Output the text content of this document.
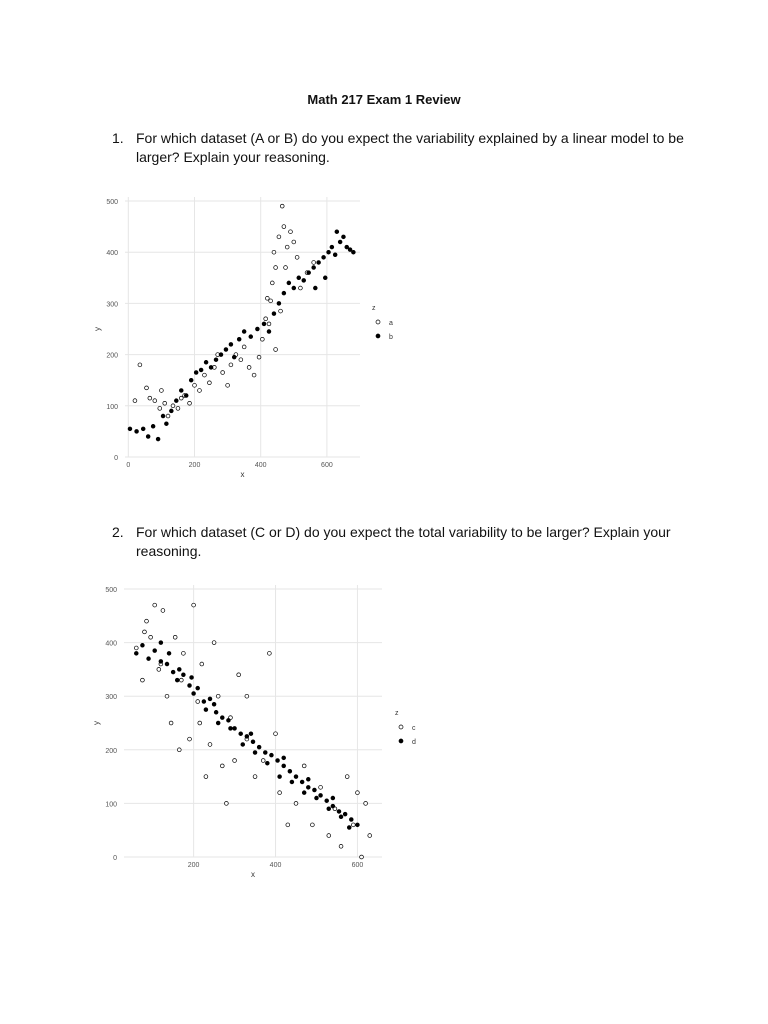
Math 217 Exam 1 Review
1. For which dataset (A or B) do you expect the variability explained by a linear model to be larger? Explain your reasoning.
2. For which dataset (C or D) do you expect the total variability to be larger? Explain your reasoning.
0
100
200
300
400
500
0	200	400	600
x
y
z
a
b
0
100
200
300
400
500
200	400	600
x
y
z
c
d
